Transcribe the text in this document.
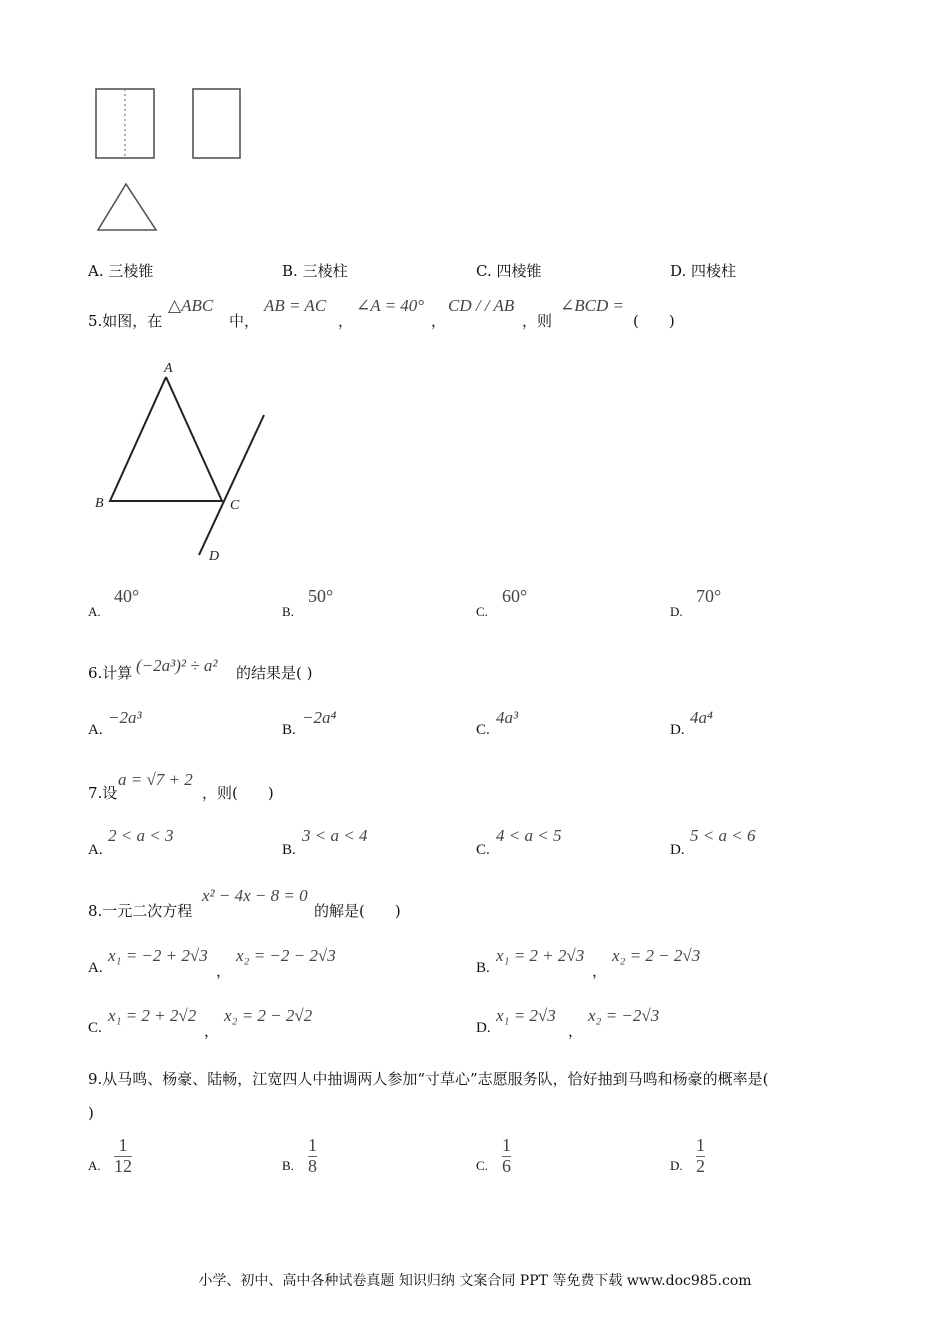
A. 三棱锥	B. 三棱柱	C. 四棱锥	D. 四棱柱
5.如图，在
△ABC
中，
AB = AC
，
∠A = 40°
，
CD / / AB
，则
∠BCD =
(　　)
A
B	C
D
A.
40°
B.
50°
C.
60°
D.
70°
6.计算 (−2a³)² ÷ a² 的结果是( )
A.
−2a³
B.
−2a⁴
C.
4a³
D.
4a⁴
7.设
a = √7 + 2
，则(　　)
A.
2 < a < 3
B.
3 < a < 4
C.
4 < a < 5
D.
5 < a < 6
8.一元二次方程
x² − 4x − 8 = 0
的解是(　　)
A.
x₁ = −2 + 2√3
，
x₂ = −2 − 2√3
B.
x₁ = 2 + 2√3
，
x₂ = 2 − 2√3
C.
x₁ = 2 + 2√2
，
x₂ = 2 − 2√2
D.
x₁ = 2√3
，
x₂ = −2√3
9.从马鸣、杨豪、陆畅，江宽四人中抽调两人参加“寸草心”志愿服务队，恰好抽到马鸣和杨豪的概率是(
)
A.
1
12	B.
1
8	C.
1
6	D.
1
2
小学、初中、高中各种试卷真题 知识归纳 文案合同 PPT 等免费下载 www.doc985.com
